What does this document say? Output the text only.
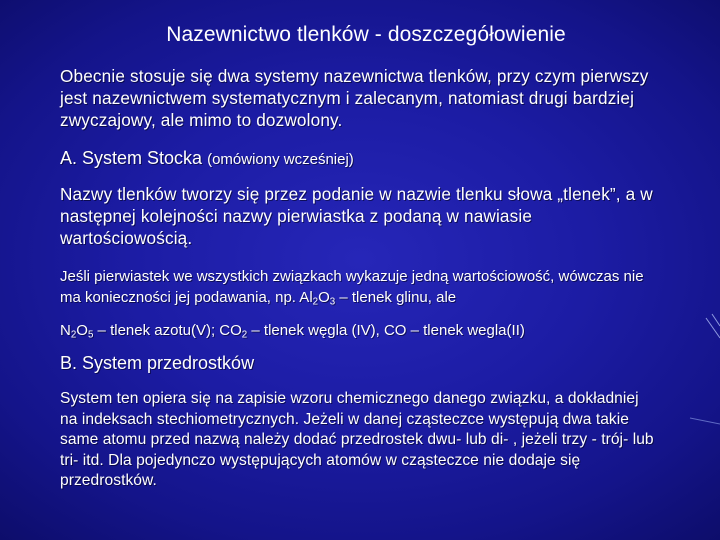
Nazewnictwo tlenków - doszczegółowienie
Obecnie stosuje się dwa systemy nazewnictwa tlenków, przy czym pierwszy jest nazewnictwem systematycznym i zalecanym, natomiast drugi bardziej zwyczajowy, ale mimo to dozwolony.
A. System Stocka (omówiony wcześniej)
Nazwy tlenków tworzy się przez podanie w nazwie tlenku słowa „tlenek”, a w następnej kolejności nazwy pierwiastka z podaną w nawiasie wartościowością.
Jeśli pierwiastek we wszystkich związkach wykazuje jedną wartościowość, wówczas nie ma konieczności jej podawania, np. $Al_2O_3$ – tlenek glinu, ale
$N_2O_5$ – tlenek azotu(V); $CO_2$ – tlenek węgla (IV), CO – tlenek wegla(II)
B. System przedrostków
System ten opiera się na zapisie wzoru chemicznego danego związku, a dokładniej na indeksach stechiometrycznych. Jeżeli w danej cząsteczce występują dwa takie same atomu przed nazwą należy dodać przedrostek dwu- lub di- , jeżeli trzy - trój- lub tri- itd. Dla pojedynczo występujących atomów w cząsteczce nie dodaje się przedrostków.
